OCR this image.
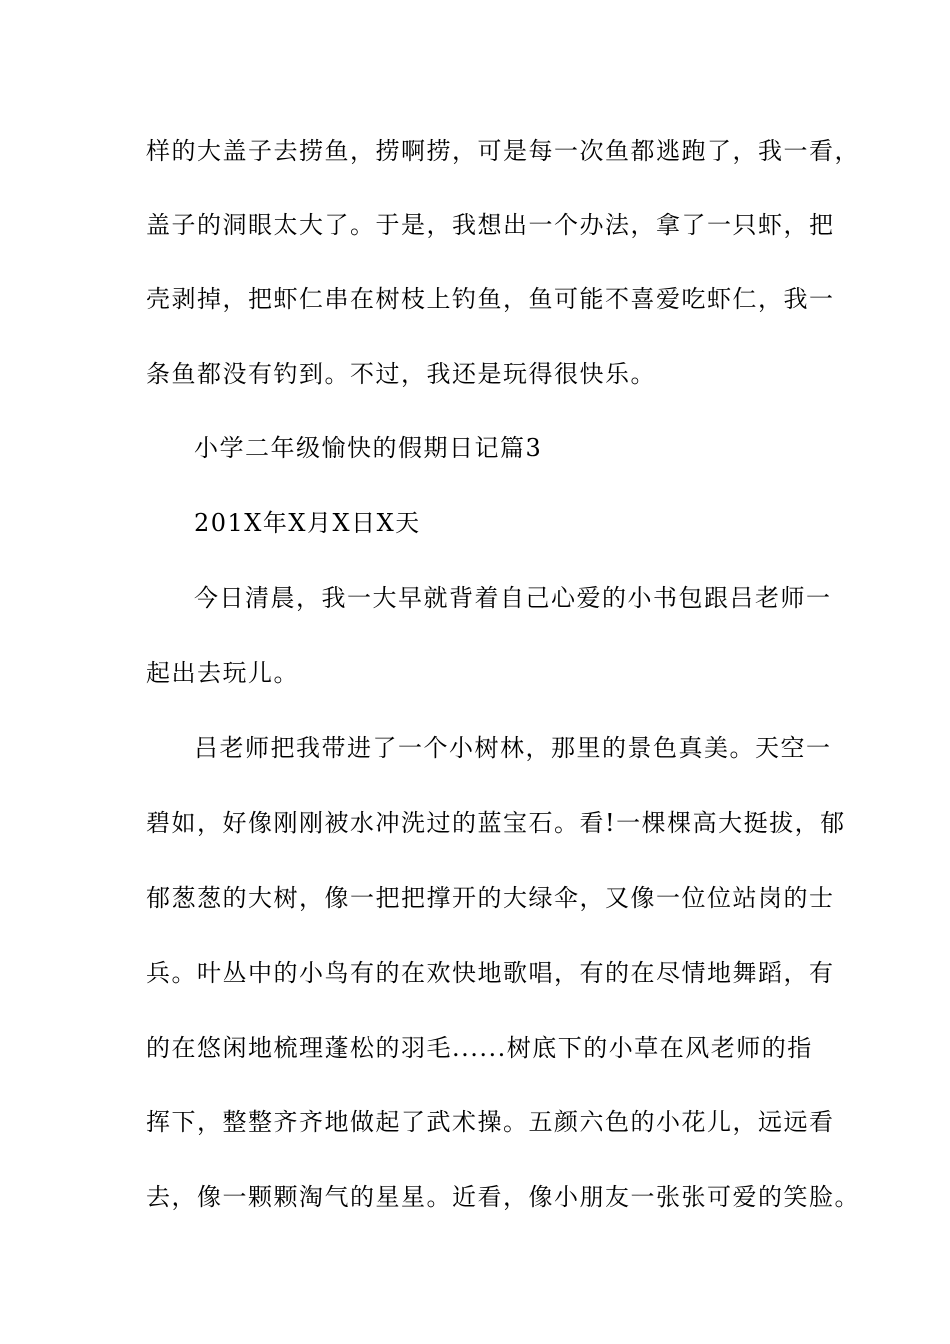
样的大盖子去捞鱼，捞啊捞，可是每一次鱼都逃跑了，我一看，
盖子的洞眼太大了。于是，我想出一个办法，拿了一只虾，把
壳剥掉，把虾仁串在树枝上钓鱼，鱼可能不喜爱吃虾仁，我一
条鱼都没有钓到。不过，我还是玩得很快乐。
小学二年级愉快的假期日记篇3
201X年X月X日X天
今日清晨，我一大早就背着自己心爱的小书包跟吕老师一
起出去玩儿。
吕老师把我带进了一个小树林，那里的景色真美。天空一
碧如，好像刚刚被水冲洗过的蓝宝石。看!一棵棵高大挺拔，郁
郁葱葱的大树，像一把把撑开的大绿伞，又像一位位站岗的士
兵。叶丛中的小鸟有的在欢快地歌唱，有的在尽情地舞蹈，有
的在悠闲地梳理蓬松的羽毛......树底下的小草在风老师的指
挥下，整整齐齐地做起了武术操。五颜六色的小花儿，远远看
去，像一颗颗淘气的星星。近看，像小朋友一张张可爱的笑脸。
